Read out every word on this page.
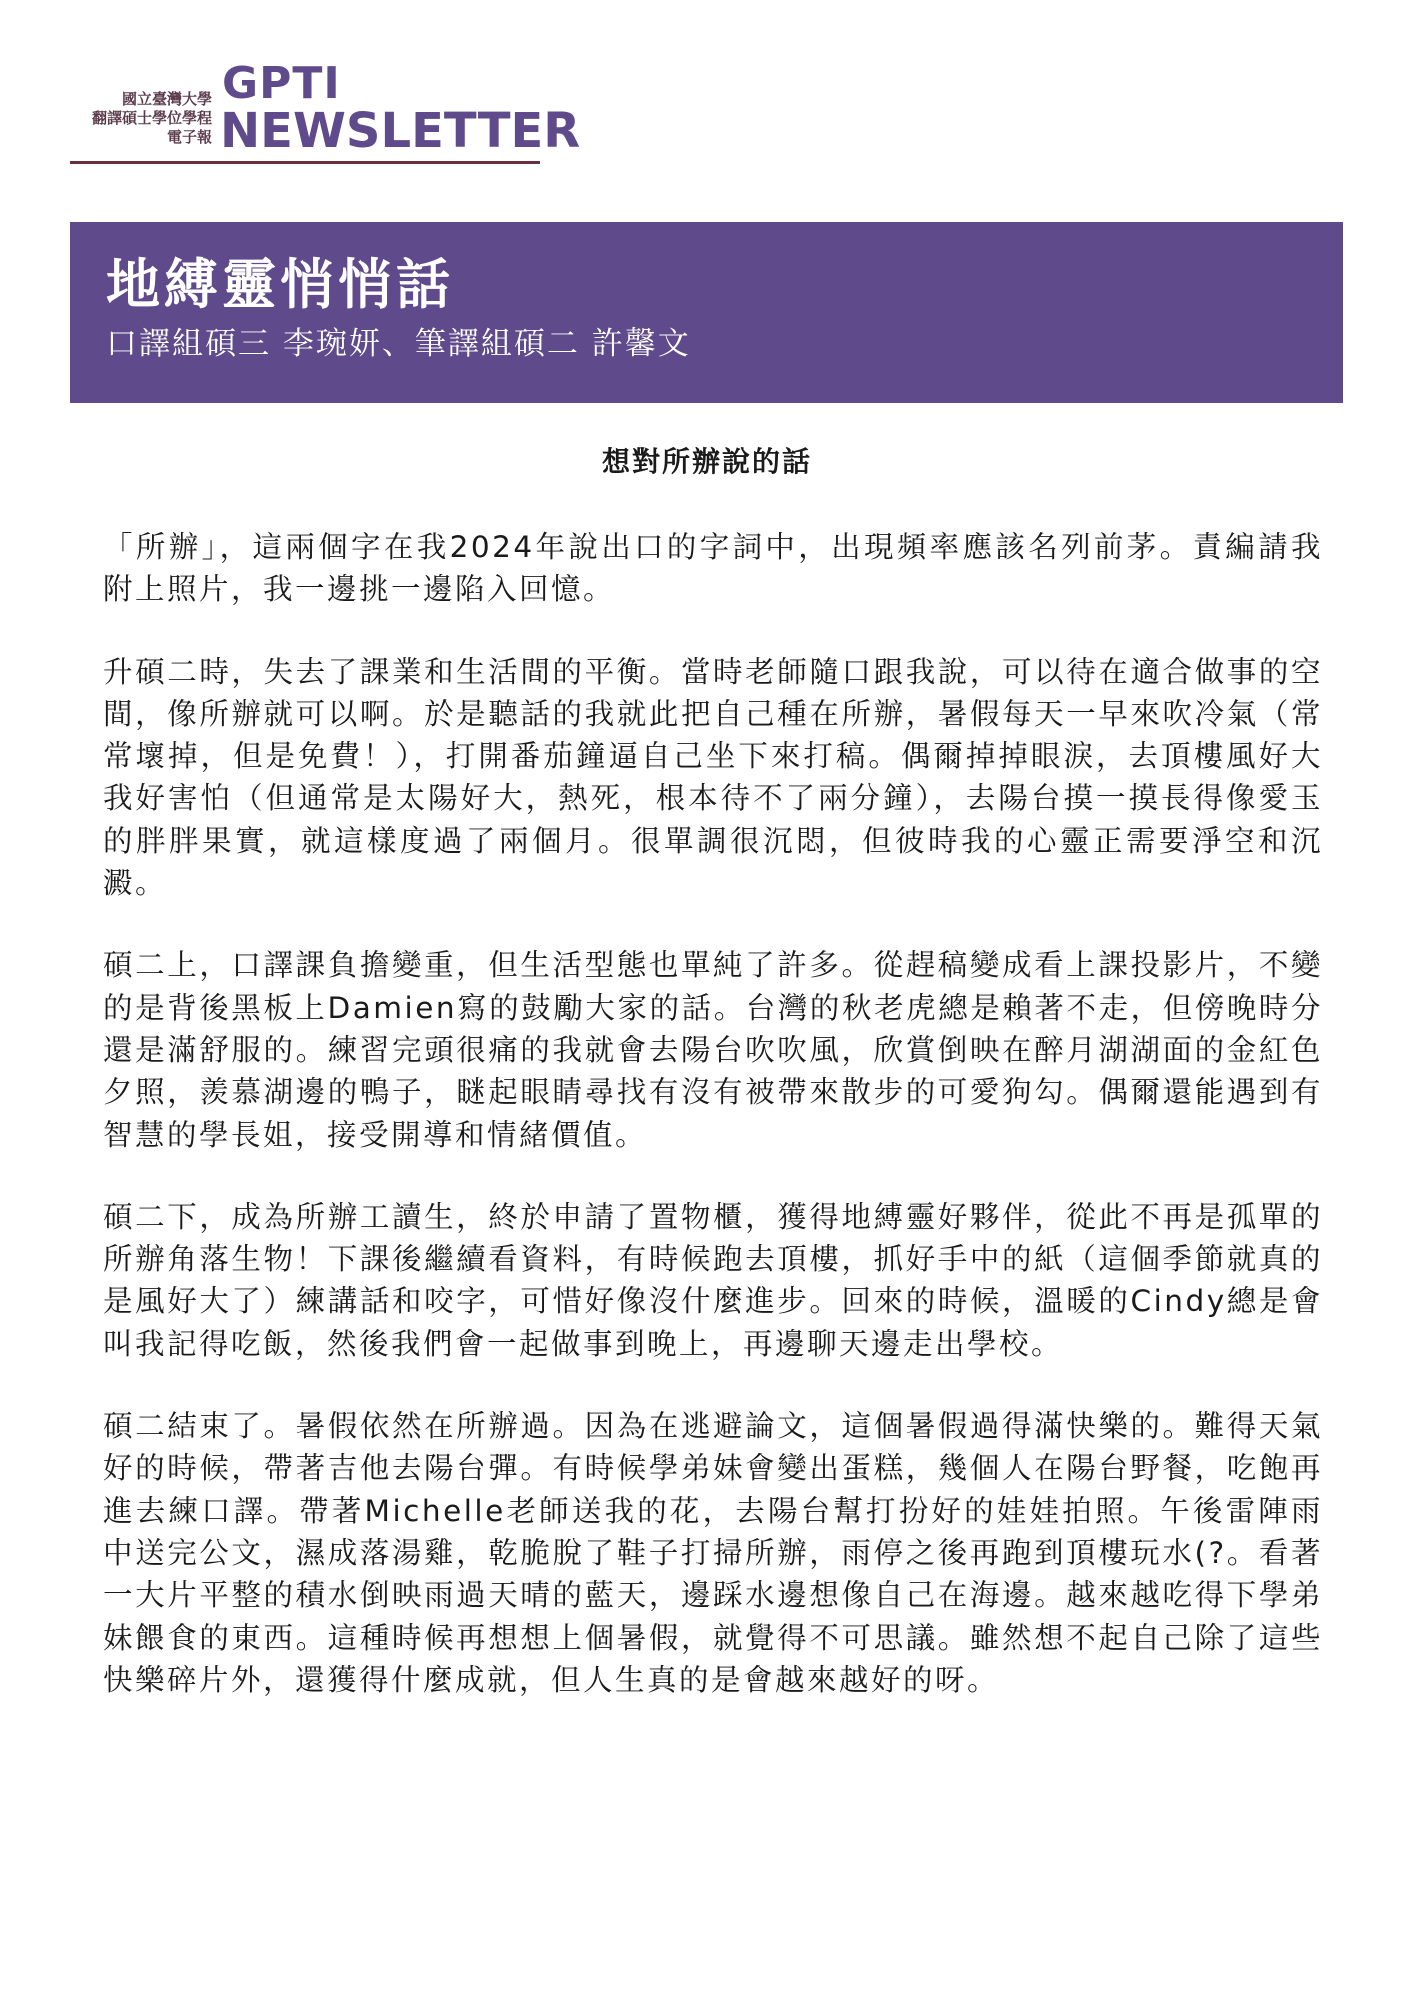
國立臺灣大學
翻譯碩士學位學程
電子報
GPTI
NEWSLETTER
地縛靈悄悄話
口譯組碩三 李琬妍、筆譯組碩二 許馨文
想對所辦說的話

「所辦」，這兩個字在我2024年說出口的字詞中，出現頻率應該名列前茅。責編請我附上照片，我一邊挑一邊陷入回憶。

升碩二時，失去了課業和生活間的平衡。當時老師隨口跟我說，可以待在適合做事的空間，像所辦就可以啊。於是聽話的我就此把自己種在所辦，暑假每天一早來吹冷氣（常常壞掉，但是免費！），打開番茄鐘逼自己坐下來打稿。偶爾掉掉眼淚，去頂樓風好大我好害怕（但通常是太陽好大，熱死，根本待不了兩分鐘），去陽台摸一摸長得像愛玉的胖胖果實，就這樣度過了兩個月。很單調很沉悶，但彼時我的心靈正需要淨空和沉澱。

碩二上，口譯課負擔變重，但生活型態也單純了許多。從趕稿變成看上課投影片，不變的是背後黑板上Damien寫的鼓勵大家的話。台灣的秋老虎總是賴著不走，但傍晚時分還是滿舒服的。練習完頭很痛的我就會去陽台吹吹風，欣賞倒映在醉月湖湖面的金紅色夕照，羨慕湖邊的鴨子，瞇起眼睛尋找有沒有被帶來散步的可愛狗勾。偶爾還能遇到有智慧的學長姐，接受開導和情緒價值。

碩二下，成為所辦工讀生，終於申請了置物櫃，獲得地縛靈好夥伴，從此不再是孤單的所辦角落生物！下課後繼續看資料，有時候跑去頂樓，抓好手中的紙（這個季節就真的是風好大了）練講話和咬字，可惜好像沒什麼進步。回來的時候，溫暖的Cindy總是會叫我記得吃飯，然後我們會一起做事到晚上，再邊聊天邊走出學校。

碩二結束了。暑假依然在所辦過。因為在逃避論文，這個暑假過得滿快樂的。難得天氣好的時候，帶著吉他去陽台彈。有時候學弟妹會變出蛋糕，幾個人在陽台野餐，吃飽再進去練口譯。帶著Michelle老師送我的花，去陽台幫打扮好的娃娃拍照。午後雷陣雨中送完公文，濕成落湯雞，乾脆脫了鞋子打掃所辦，雨停之後再跑到頂樓玩水(?。看著一大片平整的積水倒映雨過天晴的藍天，邊踩水邊想像自己在海邊。越來越吃得下學弟妹餵食的東西。這種時候再想想上個暑假，就覺得不可思議。雖然想不起自己除了這些快樂碎片外，還獲得什麼成就，但人生真的是會越來越好的呀。
